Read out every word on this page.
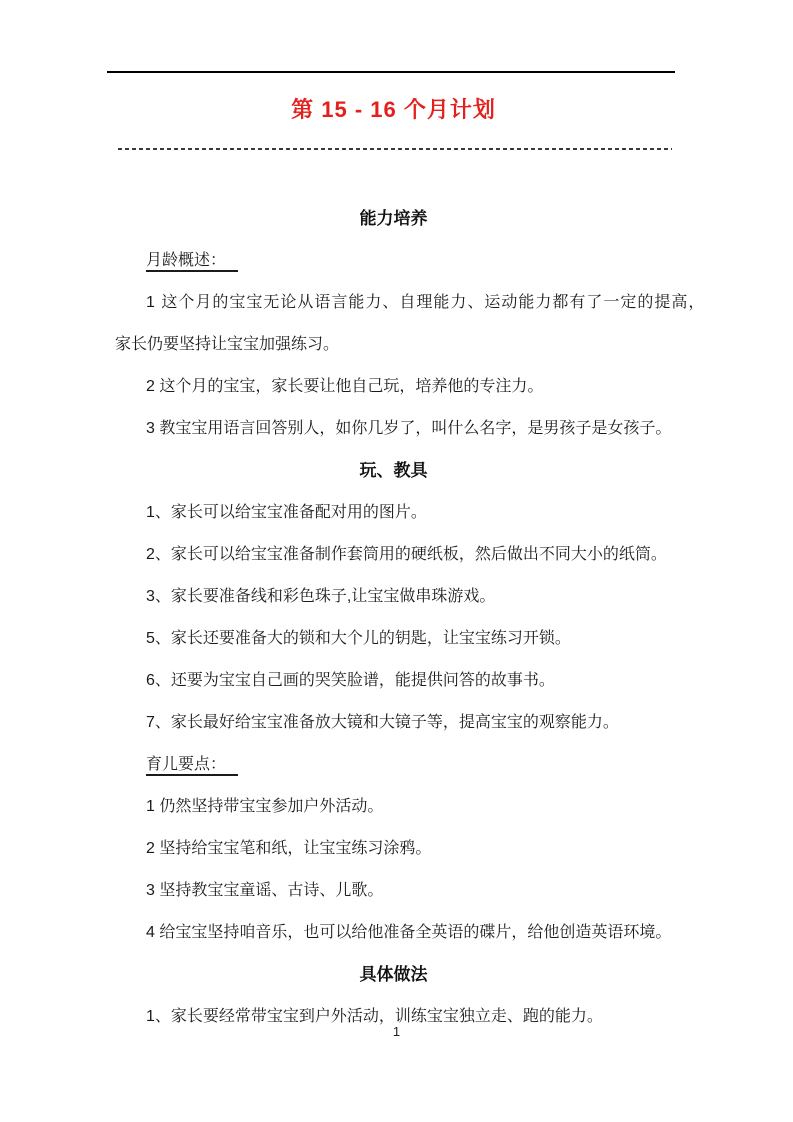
第 15 - 16 个月计划

能力培养

月龄概述：

1 这个月的宝宝无论从语言能力、自理能力、运动能力都有了一定的提高，

家长仍要坚持让宝宝加强练习。

2 这个月的宝宝，家长要让他自己玩，培养他的专注力。

3 教宝宝用语言回答别人，如你几岁了，叫什么名字，是男孩子是女孩子。

玩、教具

1、家长可以给宝宝准备配对用的图片。

2、家长可以给宝宝准备制作套筒用的硬纸板，然后做出不同大小的纸筒。

3、家长要准备线和彩色珠子,让宝宝做串珠游戏。

5、家长还要准备大的锁和大个儿的钥匙，让宝宝练习开锁。

6、还要为宝宝自己画的哭笑脸谱，能提供问答的故事书。

7、家长最好给宝宝准备放大镜和大镜子等，提高宝宝的观察能力。

育儿要点：

1 仍然坚持带宝宝参加户外活动。

2 坚持给宝宝笔和纸，让宝宝练习涂鸦。

3 坚持教宝宝童谣、古诗、儿歌。

4 给宝宝坚持咱音乐，也可以给他准备全英语的碟片，给他创造英语环境。

具体做法

1、家长要经常带宝宝到户外活动，训练宝宝独立走、跑的能力。

1
